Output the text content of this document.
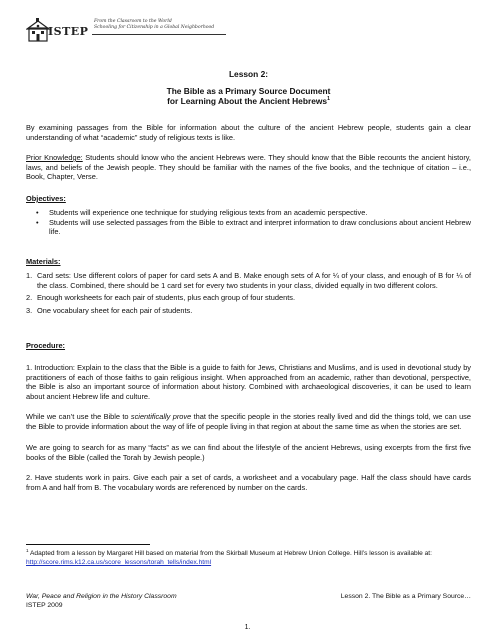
ISTEP
From the Classroom to the World
Schooling for Citizenship in a Global Neighborhood
Lesson 2:
The Bible as a Primary Source Document
for Learning About the Ancient Hebrews$^1$
By examining passages from the Bible for information about the culture of the ancient Hebrew people, students gain a clear understanding of what “academic” study of religious texts is like.
Prior Knowledge: Students should know who the ancient Hebrews were. They should know that the Bible recounts the ancient history, laws, and beliefs of the Jewish people. They should be familiar with the names of the five books, and the technique of citation – i.e., Book, Chapter, Verse.
Objectives:
• Students will experience one technique for studying religious texts from an academic perspective.
• Students will use selected passages from the Bible to extract and interpret information to draw conclusions about ancient Hebrew life.
Materials:
1. Card sets: Use different colors of paper for card sets A and B. Make enough sets of A for ¼ of your class, and enough of B for ¼ of the class. Combined, there should be 1 card set for every two students in your class, divided equally in two different colors.
2. Enough worksheets for each pair of students, plus each group of four students.
3. One vocabulary sheet for each pair of students.
Procedure:
1. Introduction: Explain to the class that the Bible is a guide to faith for Jews, Christians and Muslims, and is used in devotional study by practitioners of each of those faiths to gain religious insight. When approached from an academic, rather than devotional, perspective, the Bible is also an important source of information about history. Combined with archaeological discoveries, it can be used to learn about ancient Hebrew life and culture.
While we can’t use the Bible to scientifically prove that the specific people in the stories really lived and did the things told, we can use the Bible to provide information about the way of life of people living in that region at about the same time as when the stories are set.
We are going to search for as many “facts” as we can find about the lifestyle of the ancient Hebrews, using excerpts from the first five books of the Bible (called the Torah by Jewish people.)
2. Have students work in pairs. Give each pair a set of cards, a worksheet and a vocabulary page. Half the class should have cards from A and half from B. The vocabulary words are referenced by number on the cards.
$^1$ Adapted from a lesson by Margaret Hill based on material from the Skirball Museum at Hebrew Union College. Hill’s lesson is available at: http://score.rims.k12.ca.us/score_lessons/torah_tells/index.html
War, Peace and Religion in the History Classroom
ISTEP 2009
Lesson 2. The Bible as a Primary Source…
1.
